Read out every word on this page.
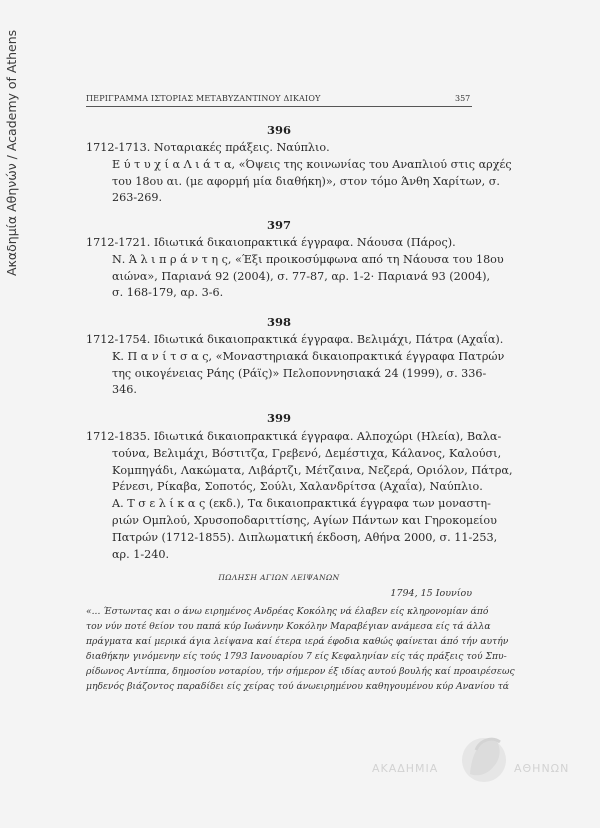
Ακαδημία Αθηνών / Academy of Athens	ΠΕΡΙΓΡΑΜΜΑ ΙΣΤΟΡΙΑΣ ΜΕΤΑΒΥΖΑΝΤΙΝΟΥ ΔΙΚΑΙΟΥ	357
396
1712-1713. Νοταριακές πράξεις. Ναύπλιο.
Ε ύ τ υ χ ί α Λ ι ά τ α, «Όψεις της κοινωνίας του Αναπλιού στις αρχές
του 18ου αι. (με αφορμή μία διαθήκη)», στον τόμο Άνθη Χαρίτων, σ.
263-269.
397
1712-1721. Ιδιωτικά δικαιοπρακτικά έγγραφα. Νάουσα (Πάρος).
Ν. Ά λ ι π ρ ά ν τ η ς, «Έξι προικοσύμφωνα από τη Νάουσα του 18ου
αιώνα», Παριανά 92 (2004), σ. 77-87, αρ. 1-2· Παριανά 93 (2004),
σ. 168-179, αρ. 3-6.
398
1712-1754. Ιδιωτικά δικαιοπρακτικά έγγραφα. Βελιμάχι, Πάτρα (Αχαΐα).
Κ. Π α ν ί τ σ α ς, «Μοναστηριακά δικαιοπρακτικά έγγραφα Πατρών
της οικογένειας Ράης (Ράϊς)» Πελοποννησιακά 24 (1999), σ. 336-
346.
399
1712-1835. Ιδιωτικά δικαιοπρακτικά έγγραφα. Αλποχώρι (Ηλεία), Βαλα-
τούνα, Βελιμάχι, Βόστιτζα, Γρεβενό, Δεμέστιχα, Κάλανος, Καλούσι,
Κομπηγάδι, Λακώματα, Λιβάρτζι, Μέτζαινα, Νεζερά, Οριόλον, Πάτρα,
Ρένεσι, Ρίκαβα, Σοποτός, Σούλι, Χαλανδρίτσα (Αχαΐα), Ναύπλιο.
Α. Τ σ ε λ ί κ α ς (εκδ.), Τα δικαιοπρακτικά έγγραφα των μοναστη-
ριών Ομπλού, Χρυσοποδαριττίσης, Αγίων Πάντων και Γηροκομείου
Πατρών (1712-1855). Διπλωματική έκδοση, Αθήνα 2000, σ. 11-253,
αρ. 1-240.
ΠΩΛΗΣΗ ΑΓΙΩΝ ΛΕΙΨΑΝΩΝ
1794, 15 Ιουνίου
«... Έστωντας και ο άνω ειρημένος Ανδρέας Κοκόλης νά έλαβεν είς κληρονομίαν άπό
τον νύν ποτέ θείον του παπά κύρ Ιωάννην Κοκόλην Μαραβέγιαν ανάμεσα είς τά άλλα
πράγματα καί μερικά άγια λείψανα καί έτερα ιερά έφοδια καθώς φαίνεται άπό τήν αυτήν
διαθήκην γινόμενην είς τούς 1793 Ιανουαρίου 7 είς Κεφαληνίαν είς τάς πράξεις τού Σπυ-
ρίδωνος Αντίππα, δημοσίου νοταρίου, τήν σήμερον έξ ιδίας αυτού βουλής καί προαιρέσεως
μηδενός βιάζοντος παραδίδει είς χείρας τού άνωειρημένου καθηγουμένου κύρ Ανανίου τά
ΑΚΑΔΗΜΙΑ	ΑΘΗΝΩΝ
